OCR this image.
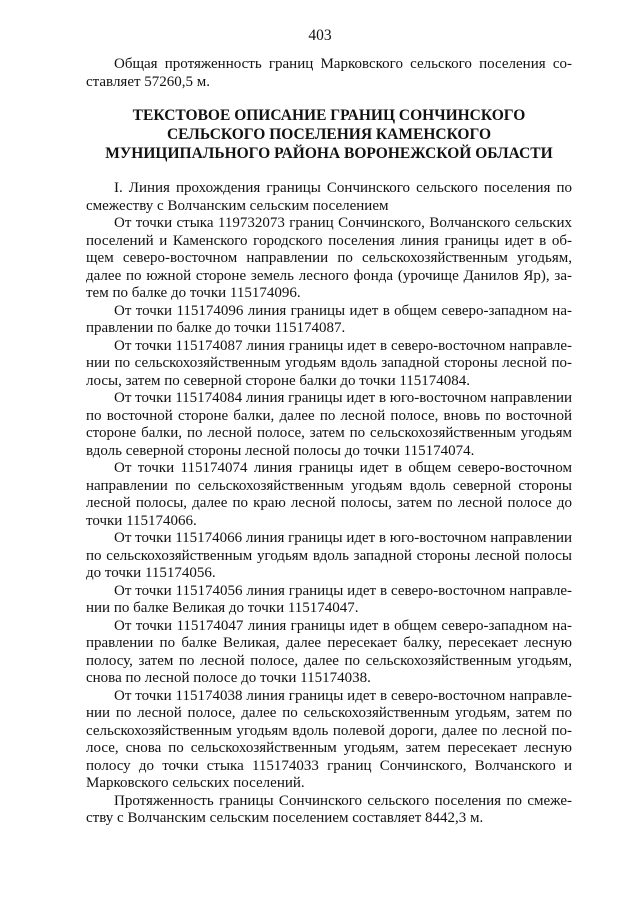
403
Общая протяженность границ Марковского сельского поселения со-
ставляет 57260,5 м.
ТЕКСТОВОЕ ОПИСАНИЕ ГРАНИЦ СОНЧИНСКОГО
СЕЛЬСКОГО ПОСЕЛЕНИЯ КАМЕНСКОГО
МУНИЦИПАЛЬНОГО РАЙОНА ВОРОНЕЖСКОЙ ОБЛАСТИ
I. Линия прохождения границы Сончинского сельского поселения по
смежеству с Волчанским сельским поселением
От точки стыка 119732073 границ Сончинского, Волчанского сельских
поселений и Каменского городского поселения линия границы идет в об-
щем северо-восточном направлении по сельскохозяйственным угодьям,
далее по южной стороне земель лесного фонда (урочище Данилов Яр), за-
тем по балке до точки 115174096.
От точки 115174096 линия границы идет в общем северо-западном на-
правлении по балке до точки 115174087.
От точки 115174087 линия границы идет в северо-восточном направле-
нии по сельскохозяйственным угодьям вдоль западной стороны лесной по-
лосы, затем по северной стороне балки до точки 115174084.
От точки 115174084 линия границы идет в юго-восточном направлении
по восточной стороне балки, далее по лесной полосе, вновь по восточной
стороне балки, по лесной полосе, затем по сельскохозяйственным угодьям
вдоль северной стороны лесной полосы до точки 115174074.
От точки 115174074 линия границы идет в общем северо-восточном
направлении по сельскохозяйственным угодьям вдоль северной стороны
лесной полосы, далее по краю лесной полосы, затем по лесной полосе до
точки 115174066.
От точки 115174066 линия границы идет в юго-восточном направлении
по сельскохозяйственным угодьям вдоль западной стороны лесной полосы
до точки 115174056.
От точки 115174056 линия границы идет в северо-восточном направле-
нии по балке Великая до точки 115174047.
От точки 115174047 линия границы идет в общем северо-западном на-
правлении по балке Великая, далее пересекает балку, пересекает лесную
полосу, затем по лесной полосе, далее по сельскохозяйственным угодьям,
снова по лесной полосе до точки 115174038.
От точки 115174038 линия границы идет в северо-восточном направле-
нии по лесной полосе, далее по сельскохозяйственным угодьям, затем по
сельскохозяйственным угодьям вдоль полевой дороги, далее по лесной по-
лосе, снова по сельскохозяйственным угодьям, затем пересекает лесную
полосу до точки стыка 115174033 границ Сончинского, Волчанского и
Марковского сельских поселений.
Протяженность границы Сончинского сельского поселения по смеже-
ству с Волчанским сельским поселением составляет 8442,3 м.
